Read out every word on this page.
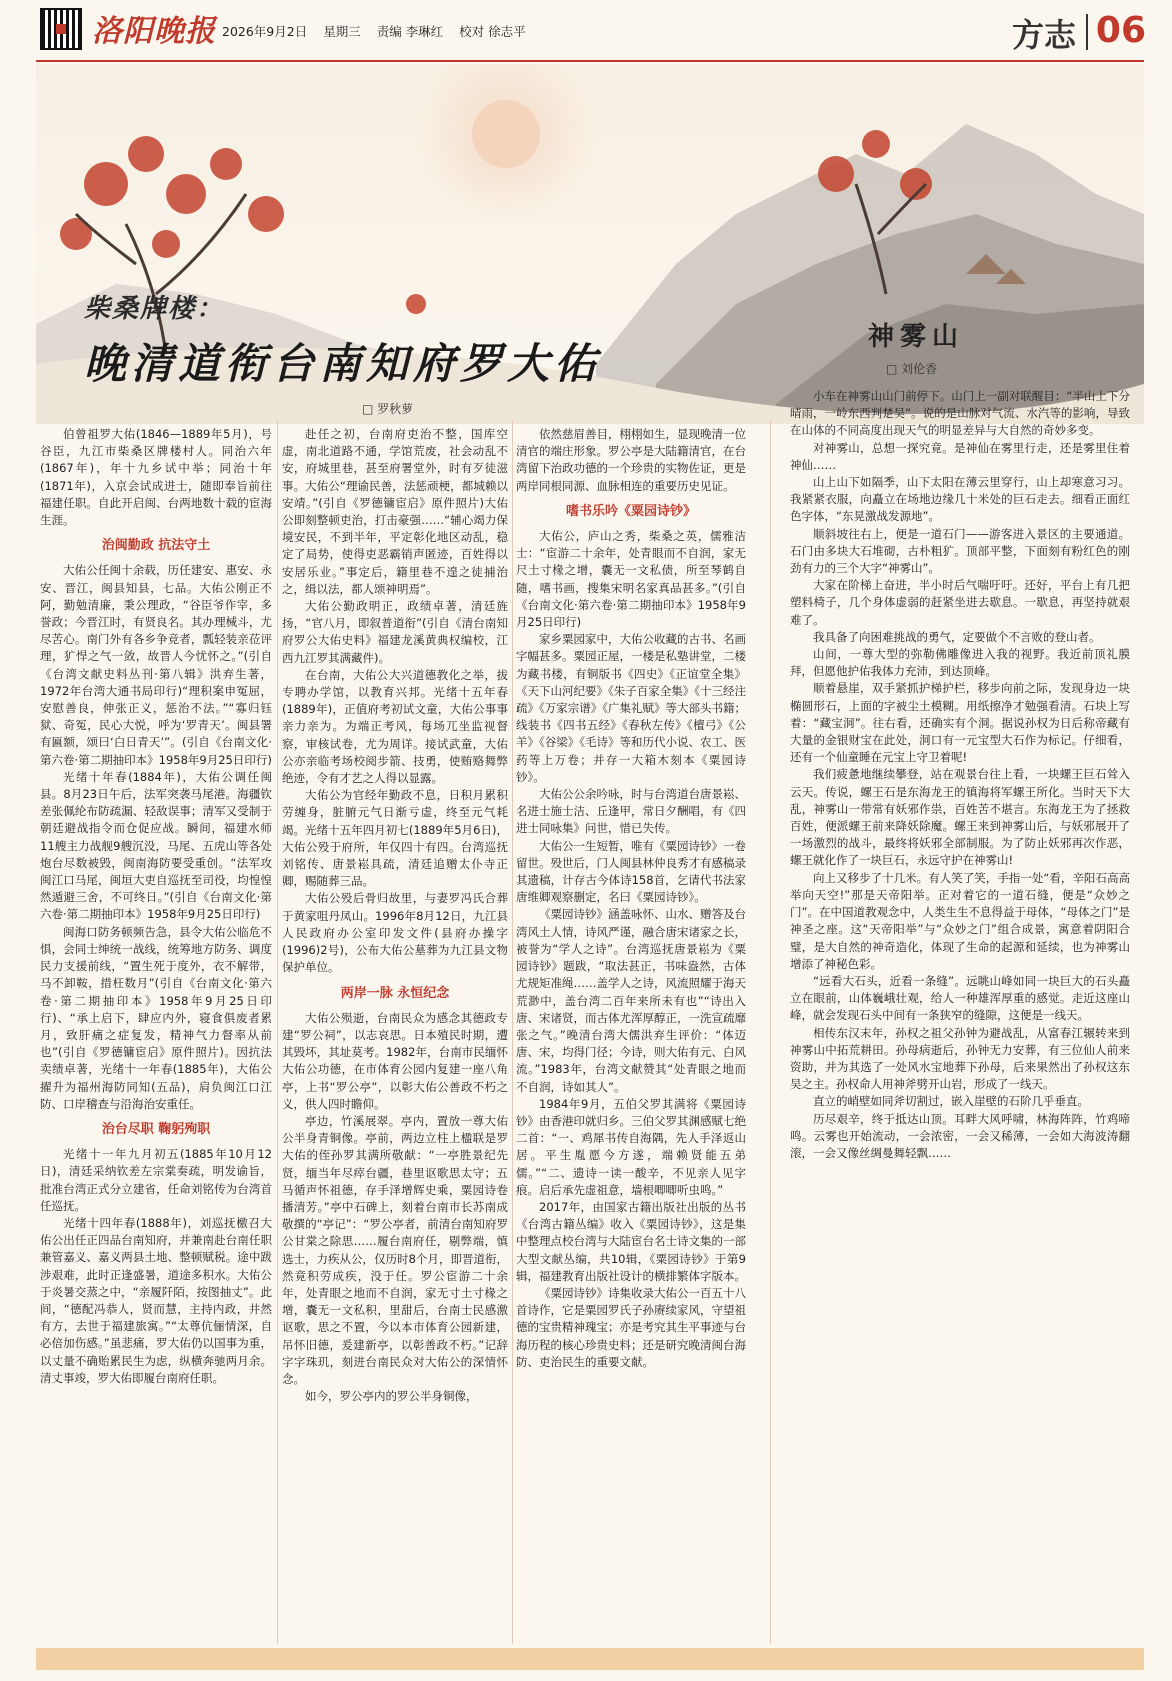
洛阳晚报 2026年9月2日 星期三 责编 李琳红 校对 徐志平	方志 06
柴桑牌楼：
晚清道衔台南知府罗大佑
□ 罗秋萝
神雾山
□ 刘伦香

伯曾祖罗大佑(1846—1889年5月)，号谷臣，九江市柴桑区牌楼村人。同治六年(1867年)，年十九乡试中举；同治十年(1871年)，入京会试成进士，随即奉旨前往福建任职。自此开启闽、台两地数十载的宦海生涯。

治闽勤政 抗法守土

大佑公任闽十余载，历任建安、惠安、永安、晋江，闽县知县，七品。大佑公刚正不阿，勤勉清廉，秉公理政，“谷臣爷作宰，多誉政；今晋江时，有贤良名。其办理械斗，尤尽苦心。南门外有各乡争竞者，瓢轻装亲莅评理，犷悍之气一敛，故晋人今忧怀之。”(引自《台湾文献史料丛刊·第八辑》洪弃生著，1972年台湾大通书局印行)“理积案申冤屈，安慰善良，伸张正义，惩治不法。”“寡归钰狱、奇冤，民心大悦，呼为‘罗青天’。闽县署有匾额，颂曰‘白日青天’”。(引自《台南文化·第六卷·第二期抽印本》1958年9月25日印行)

光绪十年春(1884年)，大佑公调任闽县。8月23日午后，法军突袭马尾港。海疆钦差张佩纶布防疏漏、轻敌误事；清军又受制于朝廷避战指令而仓促应战。瞬间，福建水师11艘主力战舰9艘沉没，马尾、五虎山等各处炮台尽数被毁，闽南海防要受重创。“法军攻闽江口马尾，闽垣大吏自巡抚至司役，均惶惶然遁避三舍，不可终日。”(引自《台南文化·第六卷·第二期抽印本》1958年9月25日印行)

闽海口防务顿频告急，县令大佑公临危不惧，会同士绅统一战线，统筹地方防务、调度民力支援前线，“置生死于度外，衣不解带，马不卸鞍，措枉数月”(引自《台南文化·第六卷·第二期抽印本》1958年9月25日印行)、“承上启下，肆应内外，寝食俱废者累月，致肝痛之症复发，精神气力督率从前也”(引自《罗德镛宦启》原件照片)。因抗法卖绩卓著，光绪十一年春(1885年)，大佑公擢升为福州海防同知(五品)，肩负闽江口江防、口岸稽查与沿海治安重任。

治台尽职 鞠躬殉职

光绪十一年九月初五(1885年10月12日)，清廷采纳钦差左宗棠奏疏，明发谕旨，批准台湾正式分立建省，任命刘铭传为台湾首任巡抚。

光绪十四年春(1888年)，刘巡抚檄召大佑公出任正四品台南知府，并兼南赴台南任职兼管嘉义、嘉义两县土地、整顿赋税。途中跋涉艰难，此时正逢盛暑，道途多积水。大佑公于炎暑交蒸之中，“亲履阡陌，按图抽丈”。此间，“德配冯恭人，贤而慧，主持内政，井然有方，去世于福建旅寓。”“太尊伉俪情深，自必倍加伤感。”虽悲痛，罗大佑仍以国事为重，以丈量不确贻累民生为虑，纵横奔驰两月余。清丈事竣，罗大佑即履台南府任职。

赴任之初，台南府吏治不整，国库空虚，南北道路不通，学馆荒废，社会动乱不安，府城里巷，甚至府署堂外，时有歹徒滋事。大佑公“理谕民善，法惩顽梗，都城赖以安靖。”(引自《罗德镛宦启》原件照片)大佑公即刻整顿吏治，打击豪强……“辅心竭力保境安民，不到半年，平定彰化地区动乱，稳定了局势，使得吏恶霸销声匿迹，百姓得以安居乐业。”事定后，籍里巷不遑之徒捕治之，缉以法，都人颂神明焉”。

大佑公勤政明正，政绩卓著，清廷旌扬，“官八月，即叙普道衔”(引自《清台南知府罗公大佑史料》福建龙溪黄典权编校，江西九江罗其满藏件)。

在台南，大佑公大兴道德教化之举，拔专聘办学馆，以教育兴邦。光绪十五年春(1889年)，正值府考初试文童，大佑公事事亲力亲为。为端正考风，每场兀坐监视督察，审核试卷，尤为周详。接试武童，大佑公亦亲临考场校阅步箭、技勇，使贿赂舞弊绝迹，令有才艺之人得以显露。

大佑公为官经年勤政不息，日积月累积劳缠身，脏腑元气日渐亏虚，终至元气耗竭。光绪十五年四月初七(1889年5月6日)，大佑公殁于府所，年仅四十有四。台湾巡抚刘铭传、唐景崧具疏，清廷追赠太仆寺正卿，赐随葬三品。

大佑公殁后骨归故里，与妻罗冯氏合葬于黄家咀丹凤山。1996年8月12日，九江县人民政府办公室印发文件(县府办操字(1996)2号)，公布大佑公墓葬为九江县文物保护单位。

两岸一脉 永恒纪念

大佑公殒逝，台南民众为感念其德政专建“罗公祠”，以志哀思。日本殖民时期，遭其毁坏，其址莫考。1982年，台南市民缅怀大佑公功德，在市体育公园内复建一座八角亭，上书“罗公亭”，以彰大佑公善政不朽之义，供人四时瞻仰。

亭边，竹溪展翠。亭内，置放一尊大佑公半身青铜像。亭前，两边立柱上楹联是罗大佑的侄孙罗其满所敬献：“一亭胜景纪先贤，缅当年尽瘁台疆，巷里讴歌思太守；五马循声怀祖德，存手泽增辉史乘，粟园诗卷播清芳。”亭中石碑上，刻着台南市长苏南成敬撰的“亭记”：“罗公亭者，前清台南知府罗公甘棠之除思……履台南府任，剔弊端，慎选士，力疾从公，仅历时8个月，即晋道衔，然竟积劳成疾，没于任。罗公宦游二十余年，处青眼之地而不自润，家无寸土寸椽之增，囊无一文私积，里甜后，台南士民感激讴歌，思之不置，今以本市体育公园新建，吊怀旧德，爰建新亭，以彰善政不朽。”记辞字字珠玑，刻进台南民众对大佑公的深情怀念。

如今，罗公亭内的罗公半身铜像，

依然慈眉善目，栩栩如生，显现晚清一位清官的端庄形象。罗公亭是大陆籍清官，在台湾留下治政功德的一个珍贵的实物佐证，更是两岸同根同源、血脉相连的重要历史见证。

嗜书乐吟《粟园诗钞》

大佑公，庐山之秀，柴桑之英，儒雅洁士：“宦游二十余年，处青眼而不自润，家无尺土寸椽之增，囊无一文私债，所至琴鹤自随，嗜书画，搜集宋明名家真品甚多。”(引自《台南文化·第六卷·第二期抽印本》1958年9月25日印行)

家乡粟园家中，大佑公收藏的古书、名画字幅甚多。粟园正屋，一楼是私塾讲堂，二楼为藏书楼，有铜版书《四史》《正谊堂全集》《天下山河纪要》《朱子百家全集》《十三经注疏》《万家宗谱》《广集礼赋》等大部头书籍；线装书《四书五经》《春秋左传》《檀弓》《公羊》《谷梁》《毛诗》等和历代小说、农工、医药等上万卷；并存一大箱木刻本《粟园诗钞》。

大佑公公余吟咏，时与台湾道台唐景崧、名进士施士洁、丘逢甲，常日夕酬唱，有《四进士同咏集》问世，惜已失传。

大佑公一生短暂，唯有《粟园诗钞》一卷留世。殁世后，门人闽县林仲良秀才有感稿录其遗稿，计存古今体诗158首，乞请代书法家唐维卿观察删定，名曰《粟园诗钞》。

《粟园诗钞》涵盖咏怀、山水、赠答及台湾风土人情，诗风严谨，融合唐宋诸家之长，被誉为“学人之诗”。台湾巡抚唐景崧为《粟园诗钞》题跋，“取法甚正，书味盎然，古体尤规矩准绳……盖学人之诗，风流照耀于海天荒渺中，盖台湾二百年来所未有也”“诗出入唐、宋诸贤，而古体尤浑厚醇正，一洗宣疏靡张之气。”晚清台湾大儒洪弃生评价：“体迈唐、宋，均得门径；今诗，则大佑有元、白风流。”1983年，台湾文献赞其“处青眼之地而不自润，诗如其人”。

1984年9月，五伯父罗其满将《粟园诗钞》由香港印就归乡。三伯父罗其渊感赋七绝二首：“一、鸡犀书传自海隅，先人手泽返山居。平生胤愿今方遂，端赖贤能五弟儒。”“二、遗诗一读一酸辛，不见亲人见字痕。启后承先虚祖意，墙根唧唧听虫鸣。”

2017年，由国家古籍出版社出版的丛书《台湾古籍丛编》收入《粟园诗钞》，这是集中整理点校台湾与大陆宦台名士诗文集的一部大型文献丛编，共10辑，《粟园诗钞》于第9辑，福建教育出版社设计的横排繁体字版本。

《粟园诗钞》诗集收录大佑公一百五十八首诗作，它是粟园罗氏子孙赓续家风，守望祖德的宝贵精神瑰宝；亦是考究其生平事迹与台海历程的核心珍贵史料；还是研究晚清闽台海防、吏治民生的重要文献。

小车在神雾山山门前停下。山门上一副对联醒目：“半山上下分晴雨，一岭东西判楚吴”。说的是山脉对气流、水汽等的影响，导致在山体的不同高度出现天气的明显差异与大自然的奇妙多变。

对神雾山，总想一探究竟。是神仙在雾里行走，还是雾里住着神仙……

山上山下如隔季，山下太阳在薄云里穿行，山上却寒意习习。我紧紧衣服，向矗立在场地边缘几十米处的巨石走去。细看正面红色字体，“东晃激战发源地”。

顺斜坡往右上，便是一道石门——游客进入景区的主要通道。石门由多块大石堆砌，古朴粗犷。顶部平整，下面刻有粉红色的刚劲有力的三个大字“神雾山”。

大家在阶梯上奋进，半小时后气喘吁吁。还好，平台上有几把塑料椅子，几个身体虚弱的赶紧坐进去歇息。一歇息，再坚持就艰难了。

我具备了向困难挑战的勇气，定要做个不言败的登山者。

山间，一尊大型的弥勒佛雕像进入我的视野。我近前顶礼膜拜，但愿他护佑我体力充沛，到达顶峰。

顺着悬崖，双手紧抓护梯护栏，移步向前之际，发现身边一块椭圆形石，上面的字被尘土模糊。用纸擦净才勉强看清。石块上写着：“藏宝洞”。往右看，还确实有个洞。据说孙权为日后称帝藏有大量的金银财宝在此处，洞口有一元宝型大石作为标记。仔细看，还有一个仙童睡在元宝上守卫着呢!

我们疲惫地继续攀登，站在观景台往上看，一块螺王巨石耸入云天。传说，螺王石是东海龙王的镇海将军螺王所化。当时天下大乱，神雾山一带常有妖邪作祟，百姓苦不堪言。东海龙王为了拯救百姓，便派螺王前来降妖除魔。螺王来到神雾山后，与妖邪展开了一场激烈的战斗，最终将妖邪全部制服。为了防止妖邪再次作恶，螺王就化作了一块巨石，永远守护在神雾山!

向上又移步了十几米。有人笑了笑，手指一处“看，辛阳石高高举向天空!”那是天帝阳举。正对着它的一道石缝，便是“众妙之门”。在中国道教观念中，人类生生不息得益于母体，“母体之门”是神圣之座。这“天帝阳举”与“众妙之门”组合成景，寓意着阴阳合璧，是大自然的神奇造化，体现了生命的起源和延续，也为神雾山增添了神秘色彩。

“远看大石头，近看一条缝”。远眺山峰如同一块巨大的石头矗立在眼前，山体巍峨壮观，给人一种雄浑厚重的感觉。走近这座山峰，就会发现石头中间有一条狭窄的缝隙，这便是一线天。

相传东汉末年，孙权之祖父孙钟为避战乱，从富春江辗转来到神雾山中拓荒耕田。孙母病逝后，孙钟无力安葬，有三位仙人前来资助，并为其选了一处风水宝地葬下孙母，后来果然出了孙权这东吴之主。孙权命人用神斧劈开山岩，形成了一线天。

直立的峭壁如同斧切割过，嵌入崖壁的石阶几乎垂直。

历尽艰辛，终于抵达山顶。耳畔大风呼啸，林海阵阵，竹鸡啼鸣。云雾也开始流动，一会浓密，一会又稀薄，一会如大海波涛翻滚，一会又像丝绸曼舞轻飘……
